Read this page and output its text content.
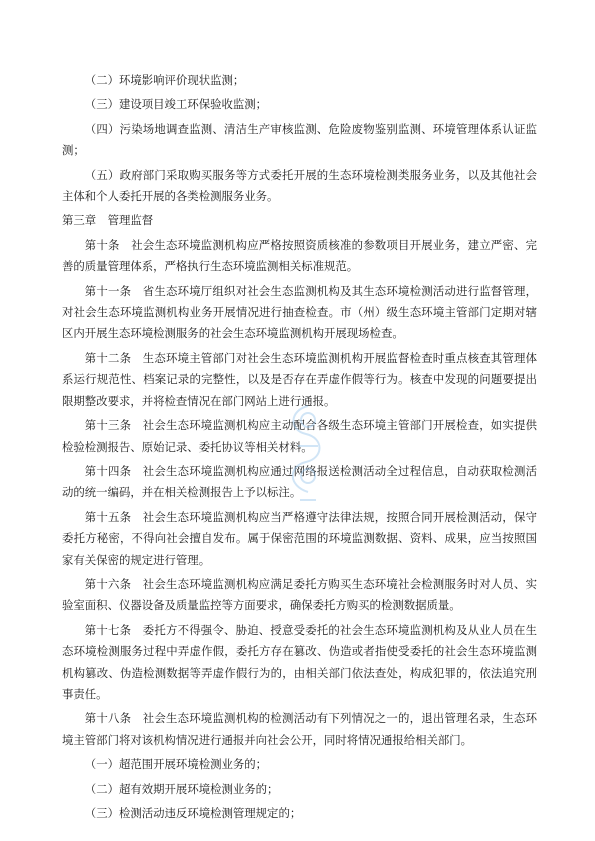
（二）环境影响评价现状监测；

（三）建设项目竣工环保验收监测；

（四）污染场地调查监测、清洁生产审核监测、危险废物鉴别监测、环境管理体系认证监测；

（五）政府部门采取购买服务等方式委托开展的生态环境检测类服务业务，以及其他社会主体和个人委托开展的各类检测服务业务。

第三章　管理监督

第十条　社会生态环境监测机构应严格按照资质核准的参数项目开展业务，建立严密、完善的质量管理体系，严格执行生态环境监测相关标准规范。

第十一条　省生态环境厅组织对社会生态监测机构及其生态环境检测活动进行监督管理，对社会生态环境监测机构业务开展情况进行抽查检查。市（州）级生态环境主管部门定期对辖区内开展生态环境检测服务的社会生态环境监测机构开展现场检查。

第十二条　生态环境主管部门对社会生态环境监测机构开展监督检查时重点核查其管理体系运行规范性、档案记录的完整性，以及是否存在弄虚作假等行为。核查中发现的问题要提出限期整改要求，并将检查情况在部门网站上进行通报。

第十三条　社会生态环境监测机构应主动配合各级生态环境主管部门开展检查，如实提供检验检测报告、原始记录、委托协议等相关材料。

第十四条　社会生态环境监测机构应通过网络报送检测活动全过程信息，自动获取检测活动的统一编码，并在相关检测报告上予以标注。

第十五条　社会生态环境监测机构应当严格遵守法律法规，按照合同开展检测活动，保守委托方秘密，不得向社会擅自发布。属于保密范围的环境监测数据、资料、成果，应当按照国家有关保密的规定进行管理。

第十六条　社会生态环境监测机构应满足委托方购买生态环境社会检测服务时对人员、实验室面积、仪器设备及质量监控等方面要求，确保委托方购买的检测数据质量。

第十七条　委托方不得强令、胁迫、授意受委托的社会生态环境监测机构及从业人员在生态环境检测服务过程中弄虚作假，委托方存在篡改、伪造或者指使受委托的社会生态环境监测机构篡改、伪造检测数据等弄虚作假行为的，由相关部门依法查处，构成犯罪的，依法追究刑事责任。

第十八条　社会生态环境监测机构的检测活动有下列情况之一的，退出管理名录，生态环境主管部门将对该机构情况进行通报并向社会公开，同时将情况通报给相关部门。

（一）超范围开展环境检测业务的；

（二）超有效期开展环境检测业务的；

（三）检测活动违反环境检测管理规定的；
